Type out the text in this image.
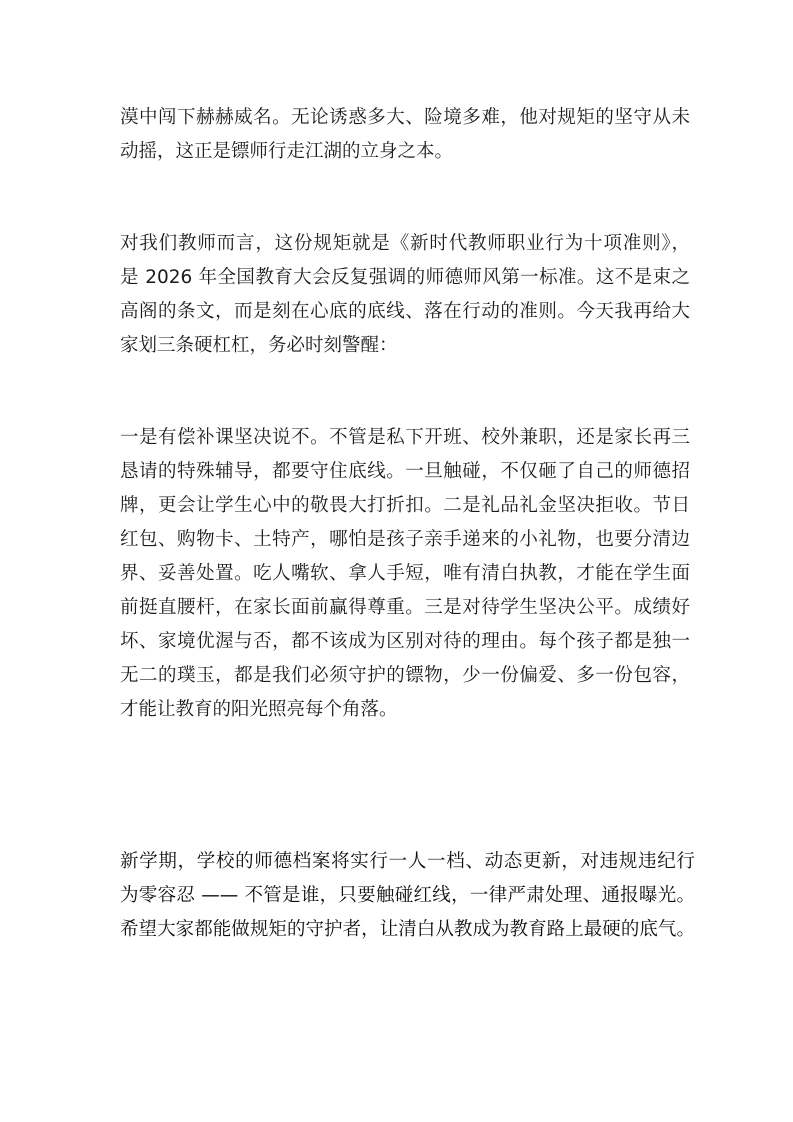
漠中闯下赫赫威名。无论诱惑多大、险境多难，他对规矩的坚守从未
动摇，这正是镖师行走江湖的立身之本。
对我们教师而言，这份规矩就是《新时代教师职业行为十项准则》，
是 2026 年全国教育大会反复强调的师德师风第一标准。这不是束之
高阁的条文，而是刻在心底的底线、落在行动的准则。今天我再给大
家划三条硬杠杠，务必时刻警醒：
一是有偿补课坚决说不。不管是私下开班、校外兼职，还是家长再三
恳请的特殊辅导，都要守住底线。一旦触碰，不仅砸了自己的师德招
牌，更会让学生心中的敬畏大打折扣。二是礼品礼金坚决拒收。节日
红包、购物卡、土特产，哪怕是孩子亲手递来的小礼物，也要分清边
界、妥善处置。吃人嘴软、拿人手短，唯有清白执教，才能在学生面
前挺直腰杆，在家长面前赢得尊重。三是对待学生坚决公平。成绩好
坏、家境优渥与否，都不该成为区别对待的理由。每个孩子都是独一
无二的璞玉，都是我们必须守护的镖物，少一份偏爱、多一份包容，
才能让教育的阳光照亮每个角落。
新学期，学校的师德档案将实行一人一档、动态更新，对违规违纪行
为零容忍 —— 不管是谁，只要触碰红线，一律严肃处理、通报曝光。
希望大家都能做规矩的守护者，让清白从教成为教育路上最硬的底气。
